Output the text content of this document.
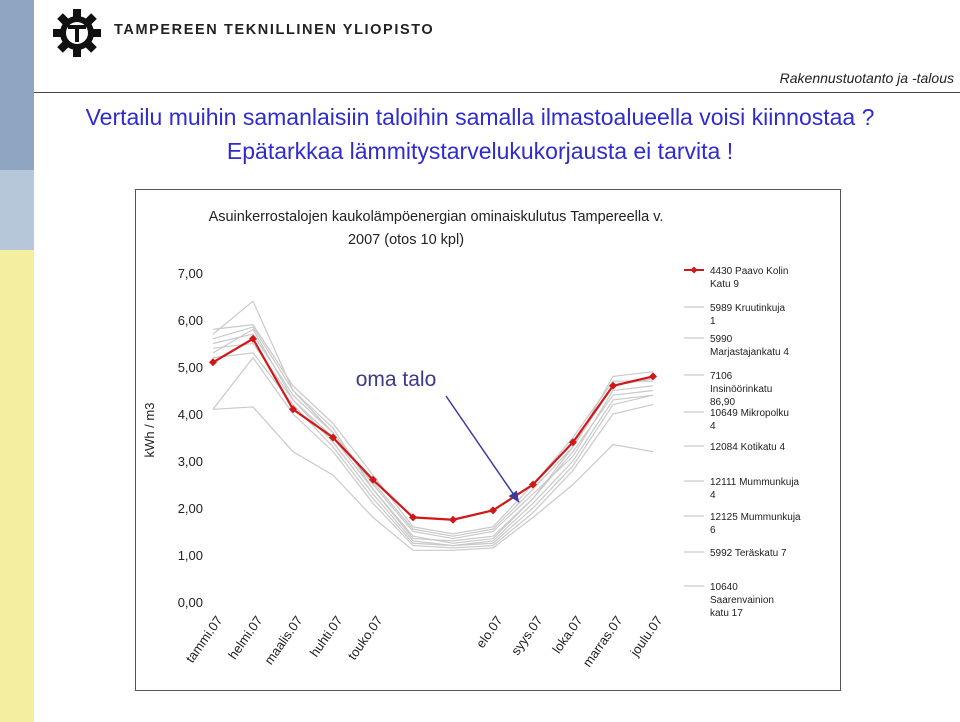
TAMPEREEN TEKNILLINEN YLIOPISTO
Rakennustuotanto ja -talous
Vertailu muihin samanlaisiin taloihin samalla ilmastoalueella voisi kiinnostaa ?
Epätarkkaa lämmitystarvelukukorjausta ei tarvita !
Asuinkerrostalojen kaukolämpöenergian ominaiskulutus Tampereella v.
2007 (otos 10 kpl)
kWh / m3
0,00
1,00
2,00
3,00
4,00
5,00
6,00
7,00
tammi.07 helmi.07
maalis.07 huhti.07 touko.07	elo.07 syys.07 loka.07
marras.07 joulu.07
oma talo
4430 Paavo Kolin Katu 9
5989 Kruutinkuja 1
5990 Marjastajankatu 4
7106 Insinöörinkatu 86,90
10649 Mikropolku 4
12084 Kotikatu 4
12111 Mummunkuja 4
12125 Mummunkuja 6
5992 Teräskatu 7
10640 Saarenvainion katu 17
